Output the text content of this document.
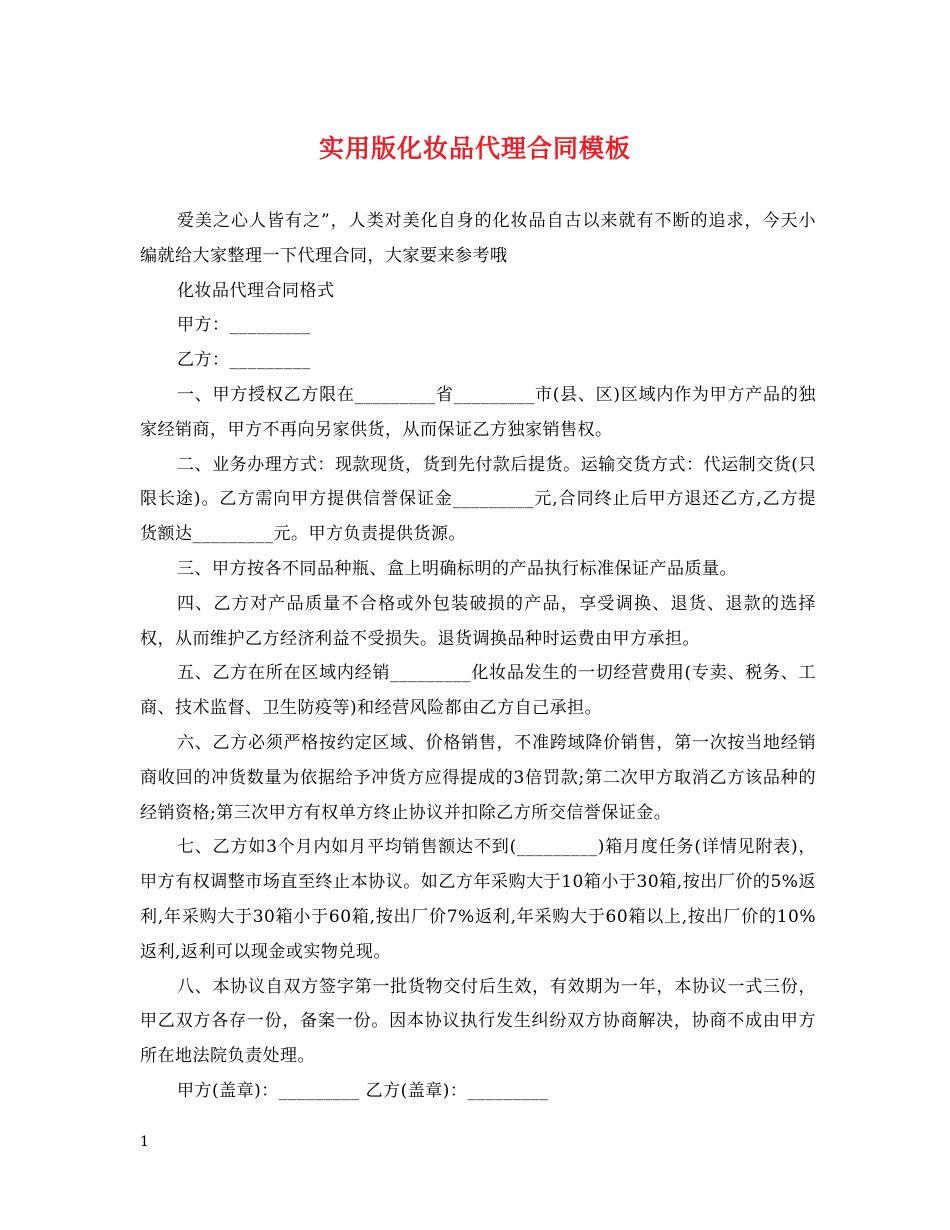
实用版化妆品代理合同模板

爱美之心人皆有之”，人类对美化自身的化妆品自古以来就有不断的追求，今天小编就给大家整理一下代理合同，大家要来参考哦

化妆品代理合同格式

甲方：_________

乙方：_________

一、甲方授权乙方限在_________省_________市(县、区)区域内作为甲方产品的独家经销商，甲方不再向另家供货，从而保证乙方独家销售权。

二、业务办理方式：现款现货，货到先付款后提货。运输交货方式：代运制交货(只限长途)。乙方需向甲方提供信誉保证金_________元,合同终止后甲方退还乙方,乙方提货额达_________元。甲方负责提供货源。

三、甲方按各不同品种瓶、盒上明确标明的产品执行标准保证产品质量。

四、乙方对产品质量不合格或外包装破损的产品，享受调换、退货、退款的选择权，从而维护乙方经济利益不受损失。退货调换品种时运费由甲方承担。

五、乙方在所在区域内经销_________化妆品发生的一切经营费用(专卖、税务、工商、技术监督、卫生防疫等)和经营风险都由乙方自己承担。

六、乙方必须严格按约定区域、价格销售，不准跨域降价销售，第一次按当地经销商收回的冲货数量为依据给予冲货方应得提成的3倍罚款;第二次甲方取消乙方该品种的经销资格;第三次甲方有权单方终止协议并扣除乙方所交信誉保证金。

七、乙方如3个月内如月平均销售额达不到(_________)箱月度任务(详情见附表)，甲方有权调整市场直至终止本协议。如乙方年采购大于10箱小于30箱,按出厂价的5%返利,年采购大于30箱小于60箱,按出厂价7%返利,年采购大于60箱以上,按出厂价的10%返利,返利可以现金或实物兑现。

八、本协议自双方签字第一批货物交付后生效，有效期为一年，本协议一式三份，甲乙双方各存一份，备案一份。因本协议执行发生纠纷双方协商解决，协商不成由甲方所在地法院负责处理。

甲方(盖章)：_________ 乙方(盖章)：_________

1
